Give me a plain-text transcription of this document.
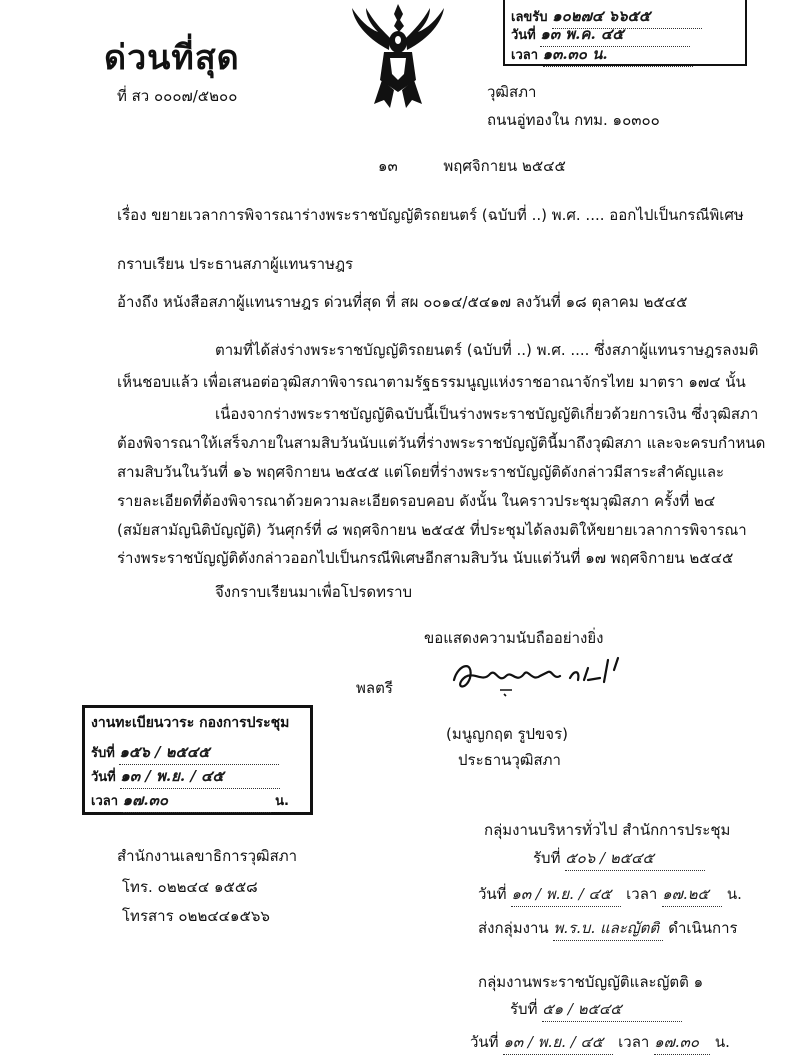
เลขรับ ๑๐๒๗๔ ๖๖๕๕
วันที่ ๑๓ พ.ค. ๔๕
เวลา ๑๓.๓๐ น.
ด่วนที่สุด
ที่ สว ๐๐๐๗/๕๒๐๐	วุฒิสภา
ถนนอู่ทองใน กทม. ๑๐๓๐๐
๑๓	พฤศจิกายน ๒๕๔๕
เรื่อง ขยายเวลาการพิจารณาร่างพระราชบัญญัติรถยนตร์ (ฉบับที่ ..) พ.ศ. .... ออกไปเป็นกรณีพิเศษ
กราบเรียน ประธานสภาผู้แทนราษฎร
อ้างถึง หนังสือสภาผู้แทนราษฎร ด่วนที่สุด ที่ สผ ๐๐๑๔/๕๔๑๗ ลงวันที่ ๑๘ ตุลาคม ๒๕๔๕
ตามที่ได้ส่งร่างพระราชบัญญัติรถยนตร์ (ฉบับที่ ..) พ.ศ. .... ซึ่งสภาผู้แทนราษฎรลงมติ
เห็นชอบแล้ว เพื่อเสนอต่อวุฒิสภาพิจารณาตามรัฐธรรมนูญแห่งราชอาณาจักรไทย มาตรา ๑๗๔ นั้น
เนื่องจากร่างพระราชบัญญัติฉบับนี้เป็นร่างพระราชบัญญัติเกี่ยวด้วยการเงิน ซึ่งวุฒิสภา
ต้องพิจารณาให้เสร็จภายในสามสิบวันนับแต่วันที่ร่างพระราชบัญญัตินี้มาถึงวุฒิสภา และจะครบกำหนด
สามสิบวันในวันที่ ๑๖ พฤศจิกายน ๒๕๔๕ แต่โดยที่ร่างพระราชบัญญัติดังกล่าวมีสาระสำคัญและ
รายละเอียดที่ต้องพิจารณาด้วยความละเอียดรอบคอบ ดังนั้น ในคราวประชุมวุฒิสภา ครั้งที่ ๒๔
(สมัยสามัญนิติบัญญัติ) วันศุกร์ที่ ๘ พฤศจิกายน ๒๕๔๕ ที่ประชุมได้ลงมติให้ขยายเวลาการพิจารณา
ร่างพระราชบัญญัติดังกล่าวออกไปเป็นกรณีพิเศษอีกสามสิบวัน นับแต่วันที่ ๑๗ พฤศจิกายน ๒๕๔๕
จึงกราบเรียนมาเพื่อโปรดทราบ
ขอแสดงความนับถืออย่างยิ่ง
พลตรี
(มนูญกฤต รูปขจร)
ประธานวุฒิสภา
งานทะเบียนวาระ กองการประชุม
รับที่ ๑๕๖ / ๒๕๔๕
วันที่ ๑๓ / พ.ย. / ๔๕
เวลา ๑๗.๓๐	น.
สำนักงานเลขาธิการวุฒิสภา
โทร. ๐๒๒๔๔ ๑๕๕๘
โทรสาร ๐๒๒๔๔๑๕๖๖
กลุ่มงานบริหารทั่วไป สำนักการประชุม
รับที่ ๕๐๖ / ๒๕๔๕
วันที่ ๑๓ / พ.ย. / ๔๕ เวลา ๑๗.๒๕ น.
ส่งกลุ่มงาน พ.ร.บ. และญัตติ ดำเนินการ
กลุ่มงานพระราชบัญญัติและญัตติ ๑
รับที่ ๕๑ / ๒๕๔๕
วันที่ ๑๓ / พ.ย. / ๔๕ เวลา ๑๗.๓๐ น.
